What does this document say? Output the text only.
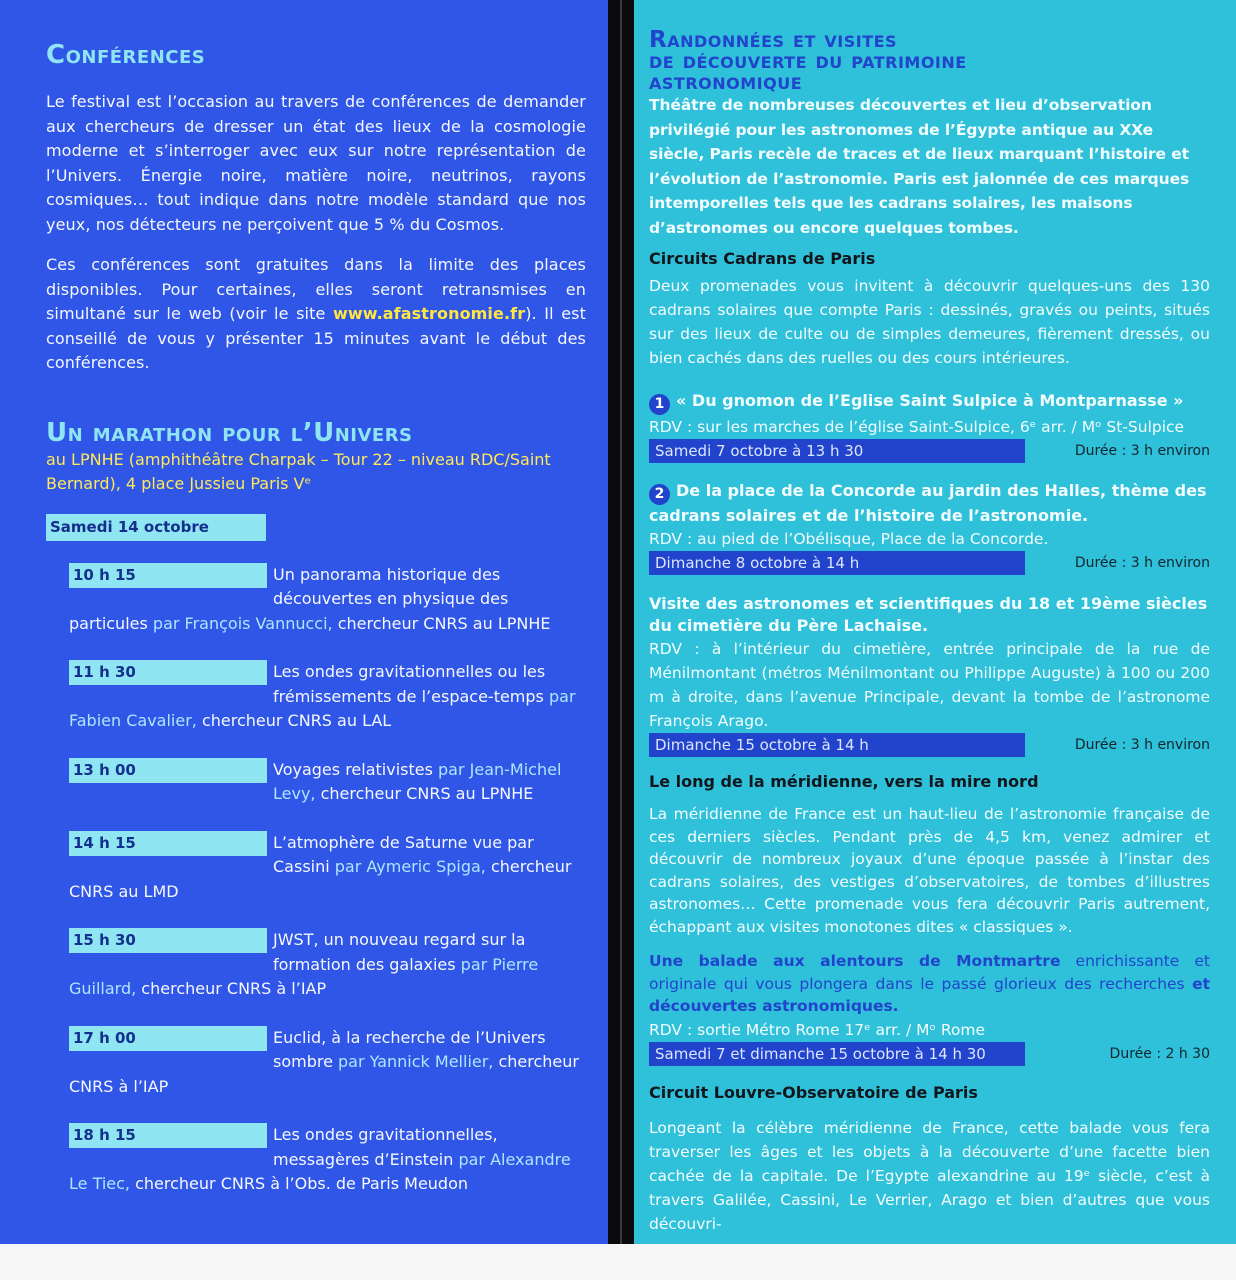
Conférences

Le festival est l’occasion au travers de conférences de demander aux chercheurs de dresser un état des lieux de la cosmologie moderne et s’interroger avec eux sur notre représentation de l’Univers. Énergie noire, matière noire, neutrinos, rayons cosmiques… tout indique dans notre modèle standard que nos yeux, nos détecteurs ne perçoivent que 5 % du Cosmos.

Ces conférences sont gratuites dans la limite des places disponibles. Pour certaines, elles seront retransmises en simultané sur le web (voir le site www.afastronomie.fr). Il est conseillé de vous y présenter 15 minutes avant le début des conférences.

Un marathon pour l’Univers

au LPNHE (amphithéâtre Charpak – Tour 22 – niveau RDC/Saint Bernard), 4 place Jussieu Paris Vᵉ

Samedi 14 octobre
10 h 15	Un panorama historique des découvertes en physique des particules par François Vannucci, chercheur CNRS au LPNHE
11 h 30	Les ondes gravitationnelles ou les frémissements de l’espace-temps par Fabien Cavalier, chercheur CNRS au LAL
13 h 00	Voyages relativistes par Jean-Michel Levy, chercheur CNRS au LPNHE
14 h 15	L’atmophère de Saturne vue par Cassini par Aymeric Spiga, chercheur CNRS au LMD
15 h 30	JWST, un nouveau regard sur la formation des galaxies par Pierre Guillard, chercheur CNRS à l’IAP
17 h 00	Euclid, à la recherche de l’Univers sombre par Yannick Mellier, chercheur CNRS à l’IAP
18 h 15	Les ondes gravitationnelles, messagères d’Einstein par Alexandre Le Tiec, chercheur CNRS à l’Obs. de Paris Meudon
Randonnées et visites
de découverte du patrimoine
astronomique

Théâtre de nombreuses découvertes et lieu d’observation privilégié pour les astronomes de l’Égypte antique au XXe siècle, Paris recèle de traces et de lieux marquant l’histoire et l’évolution de l’astronomie. Paris est jalonnée de ces marques intemporelles tels que les cadrans solaires, les maisons d’astronomes ou encore quelques tombes.

Circuits Cadrans de Paris

Deux promenades vous invitent à découvrir quelques-uns des 130 cadrans solaires que compte Paris : dessinés, gravés ou peints, situés sur des lieux de culte ou de simples demeures, fièrement dressés, ou bien cachés dans des ruelles ou des cours intérieures.

1 « Du gnomon de l’Eglise Saint Sulpice à Montparnasse »

RDV : sur les marches de l’église Saint-Sulpice, 6ᵉ arr. / Mᵒ St-Sulpice

Samedi 7 octobre à 13 h 30	Durée : 3 h environ

2 De la place de la Concorde au jardin des Halles, thème des cadrans solaires et de l’histoire de l’astronomie.

RDV : au pied de l’Obélisque, Place de la Concorde.

Dimanche 8 octobre à 14 h	Durée : 3 h environ

Visite des astronomes et scientifiques du 18 et 19ème siècles du cimetière du Père Lachaise.

RDV : à l’intérieur du cimetière, entrée principale de la rue de Ménilmontant (métros Ménilmontant ou Philippe Auguste) à 100 ou 200 m à droite, dans l’avenue Principale, devant la tombe de l’astronome François Arago.

Dimanche 15 octobre à 14 h	Durée : 3 h environ

Le long de la méridienne, vers la mire nord

La méridienne de France est un haut-lieu de l’astronomie française de ces derniers siècles. Pendant près de 4,5 km, venez admirer et découvrir de nombreux joyaux d’une époque passée à l’instar des cadrans solaires, des vestiges d’observatoires, de tombes d’illustres astronomes… Cette promenade vous fera découvrir Paris autrement, échappant aux visites monotones dites « classiques ».

Une balade aux alentours de Montmartre enrichissante et originale qui vous plongera dans le passé glorieux des recherches et découvertes astronomiques.

RDV : sortie Métro Rome 17ᵉ arr. / Mᵒ Rome

Samedi 7 et dimanche 15 octobre à 14 h 30	Durée : 2 h 30

Circuit Louvre-Observatoire de Paris

Longeant la célèbre méridienne de France, cette balade vous fera traverser les âges et les objets à la découverte d’une facette bien cachée de la capitale. De l’Egypte alexandrine au 19ᵉ siècle, c’est à travers Galilée, Cassini, Le Verrier, Arago et bien d’autres que vous découvri-
